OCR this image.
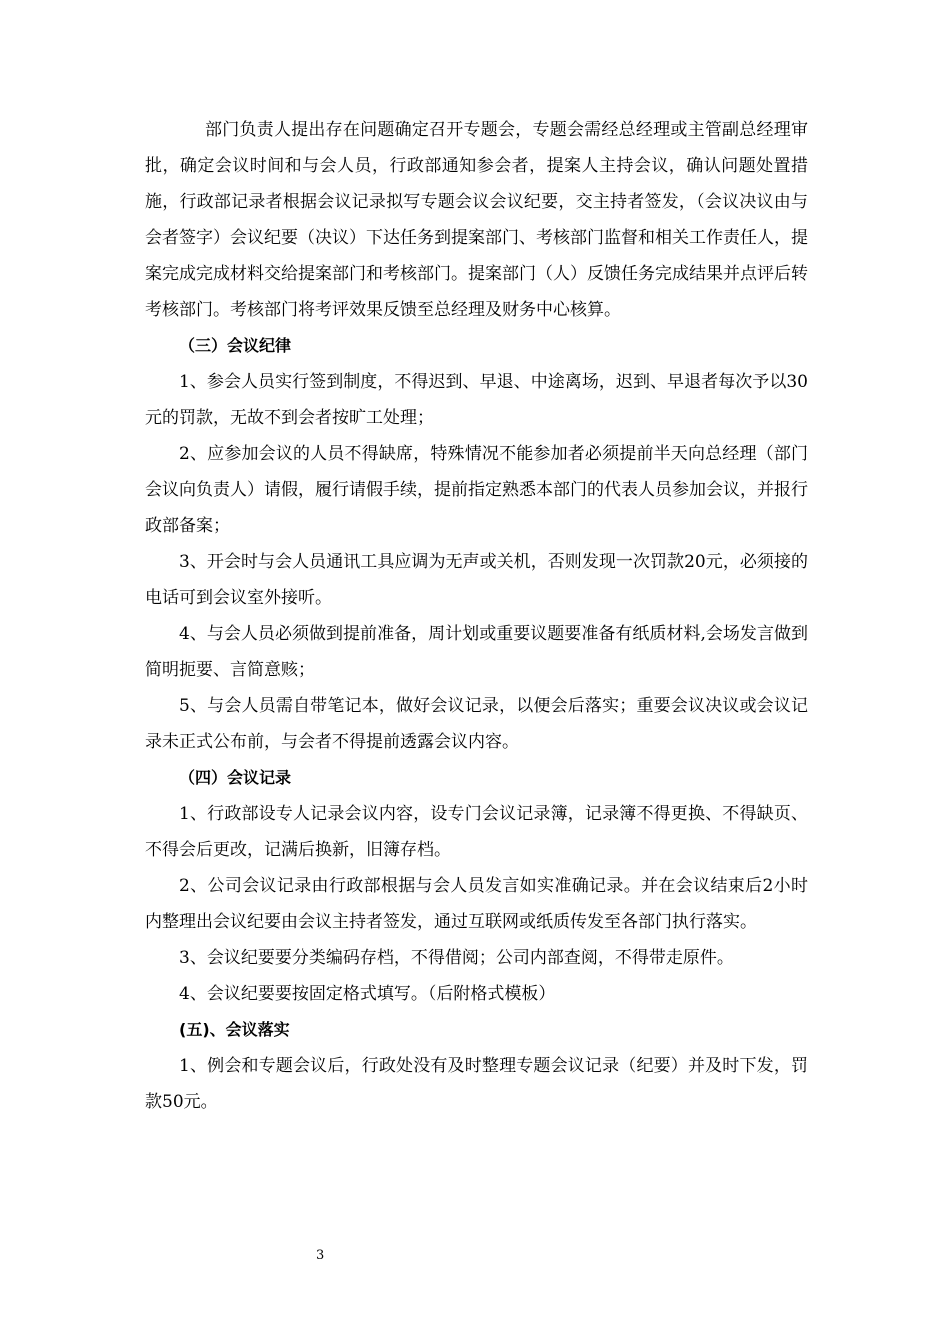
部门负责人提出存在问题确定召开专题会，专题会需经总经理或主管副总经理审批，确定会议时间和与会人员，行政部通知参会者，提案人主持会议，确认问题处置措施，行政部记录者根据会议记录拟写专题会议会议纪要，交主持者签发，（会议决议由与会者签字）会议纪要（决议）下达任务到提案部门、考核部门监督和相关工作责任人，提案完成完成材料交给提案部门和考核部门。提案部门（人）反馈任务完成结果并点评后转考核部门。考核部门将考评效果反馈至总经理及财务中心核算。

（三）会议纪律

1、参会人员实行签到制度，不得迟到、早退、中途离场，迟到、早退者每次予以30元的罚款，无故不到会者按旷工处理；

2、应参加会议的人员不得缺席，特殊情况不能参加者必须提前半天向总经理（部门会议向负责人）请假，履行请假手续，提前指定熟悉本部门的代表人员参加会议，并报行政部备案；

3、开会时与会人员通讯工具应调为无声或关机，否则发现一次罚款20元，必须接的电话可到会议室外接听。

4、与会人员必须做到提前准备，周计划或重要议题要准备有纸质材料,会场发言做到简明扼要、言简意赅；

5、与会人员需自带笔记本，做好会议记录，以便会后落实；重要会议决议或会议记录未正式公布前，与会者不得提前透露会议内容。

（四）会议记录

1、行政部设专人记录会议内容，设专门会议记录簿，记录簿不得更换、不得缺页、不得会后更改，记满后换新，旧簿存档。

2、公司会议记录由行政部根据与会人员发言如实准确记录。并在会议结束后2小时内整理出会议纪要由会议主持者签发，通过互联网或纸质传发至各部门执行落实。

3、会议纪要要分类编码存档，不得借阅；公司内部查阅，不得带走原件。

4、会议纪要要按固定格式填写。（后附格式模板）

(五)、会议落实

1、例会和专题会议后，行政处没有及时整理专题会议记录（纪要）并及时下发，罚款50元。

3
